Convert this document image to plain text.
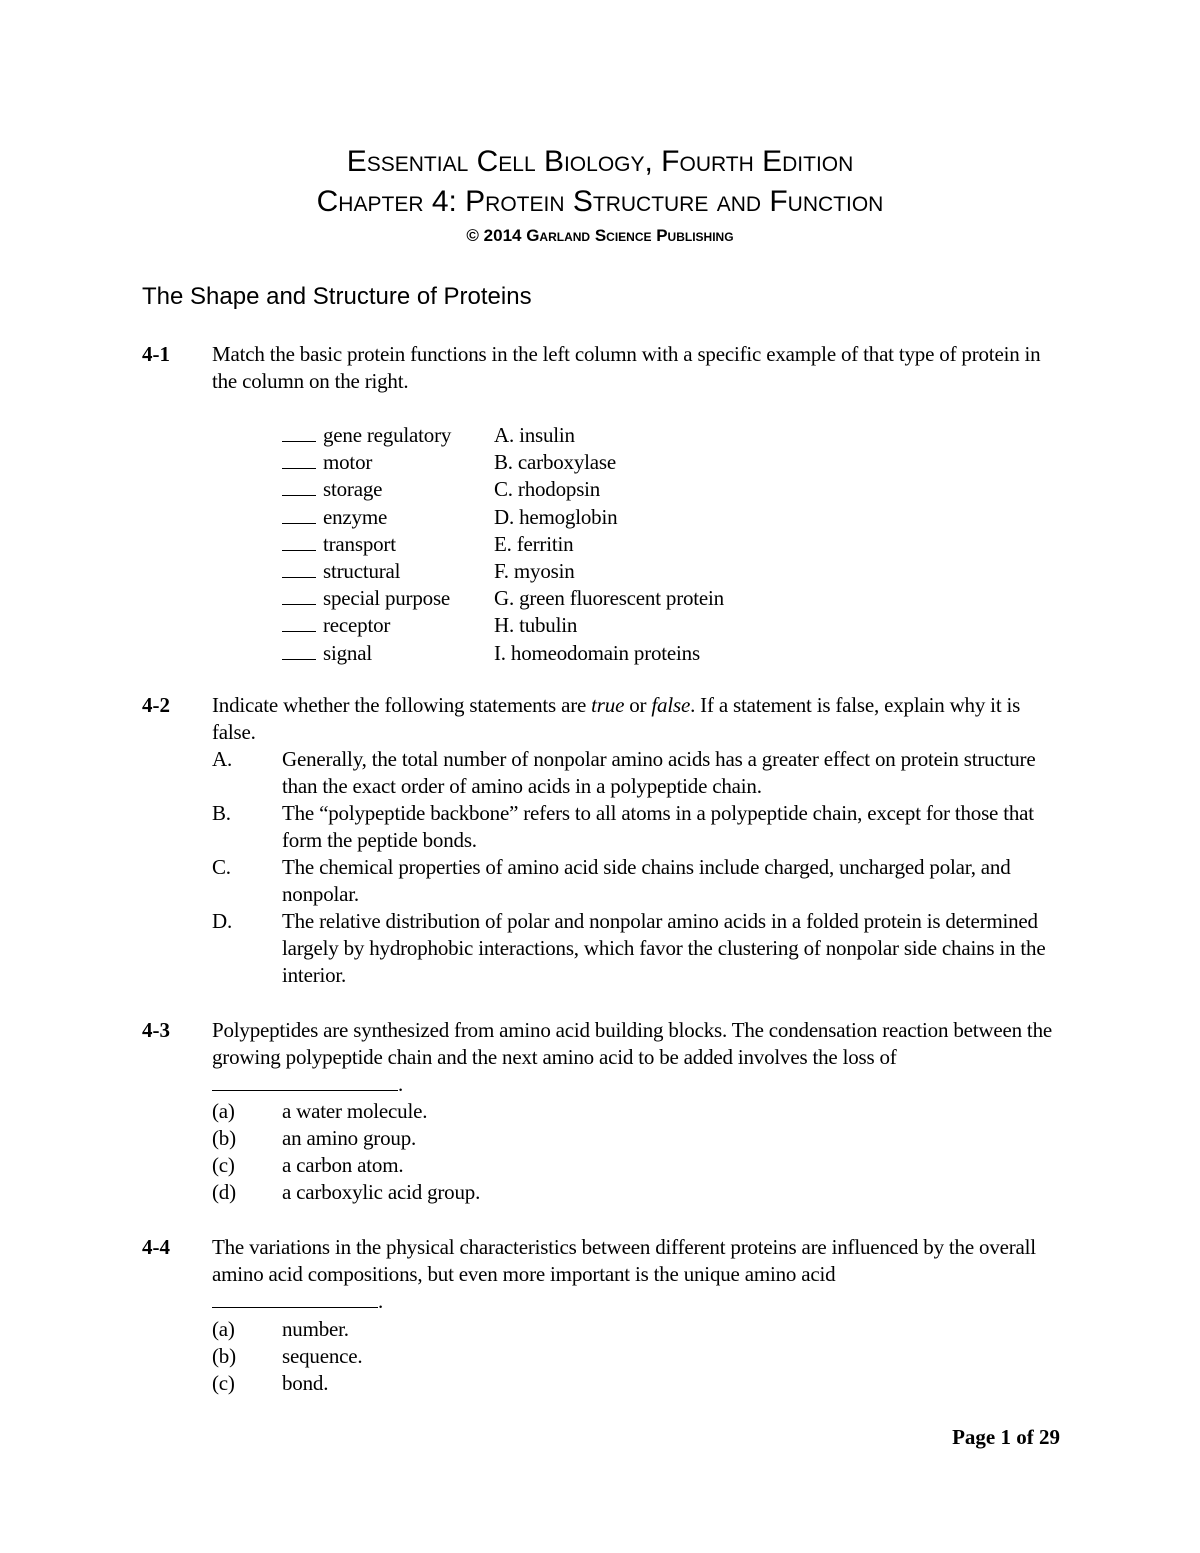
Essential Cell Biology, Fourth Edition
Chapter 4: Protein Structure and Function
© 2014 Garland Science Publishing
The Shape and Structure of Proteins
4-1 Match the basic protein functions in the left column with a specific example of that type of protein in the column on the right.
gene regulatory A. insulin
motor	B. carboxylase
storage	C. rhodopsin
enzyme	D. hemoglobin
transport	E. ferritin
structural	F. myosin
special purpose G. green fluorescent protein
receptor	H. tubulin
signal	I. homeodomain proteins
4-2 Indicate whether the following statements are true or false. If a statement is false, explain why it is false.
A.	Generally, the total number of nonpolar amino acids has a greater effect on protein structure than the exact order of amino acids in a polypeptide chain.
B.	The “polypeptide backbone” refers to all atoms in a polypeptide chain, except for those that form the peptide bonds.
C.	The chemical properties of amino acid side chains include charged, uncharged polar, and nonpolar.
D.	The relative distribution of polar and nonpolar amino acids in a folded protein is determined largely by hydrophobic interactions, which favor the clustering of nonpolar side chains in the interior.
4-3 Polypeptides are synthesized from amino acid building blocks. The condensation reaction between the growing polypeptide chain and the next amino acid to be added involves the loss of .
(a)	a water molecule.
(b)	an amino group.
(c)	a carbon atom.
(d)	a carboxylic acid group.
4-4 The variations in the physical characteristics between different proteins are influenced by the overall amino acid compositions, but even more important is the unique amino acid
.
(a)	number.
(b)	sequence.
(c)	bond.
Page 1 of 29
